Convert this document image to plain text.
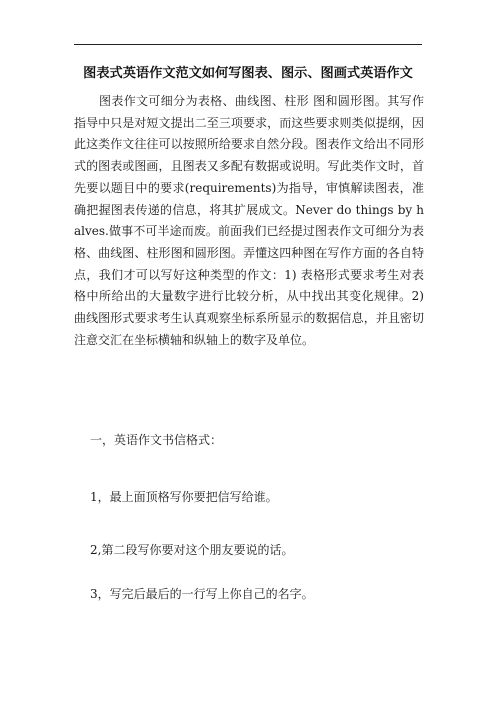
图表式英语作文范文如何写图表、图示、图画式英语作文

图表作文可细分为表格、曲线图、柱形 图和圆形图。其写作指导中只是对短文提出二至三项要求，而这些要求则类似提纲，因此这类作文往往可以按照所给要求自然分段。图表作文给出不同形式的图表或图画，且图表又多配有数据或说明。写此类作文时，首先要以题目中的要求(requirements)为指导，审慎解读图表，准确把握图表传递的信息，将其扩展成文。Never do things by halves.做事不可半途而废。前面我们已经提过图表作文可细分为表格、曲线图、柱形图和圆形图。弄懂这四种图在写作方面的各自特点，我们才可以写好这种类型的作文：1) 表格形式要求考生对表格中所给出的大量数字进行比较分析，从中找出其变化规律。2) 曲线图形式要求考生认真观察坐标系所显示的数据信息，并且密切注意交汇在坐标横轴和纵轴上的数字及单位。

一，英语作文书信格式：

1，最上面顶格写你要把信写给谁。

2,第二段写你要对这个朋友要说的话。

3，写完后最后的一行写上你自己的名字。
